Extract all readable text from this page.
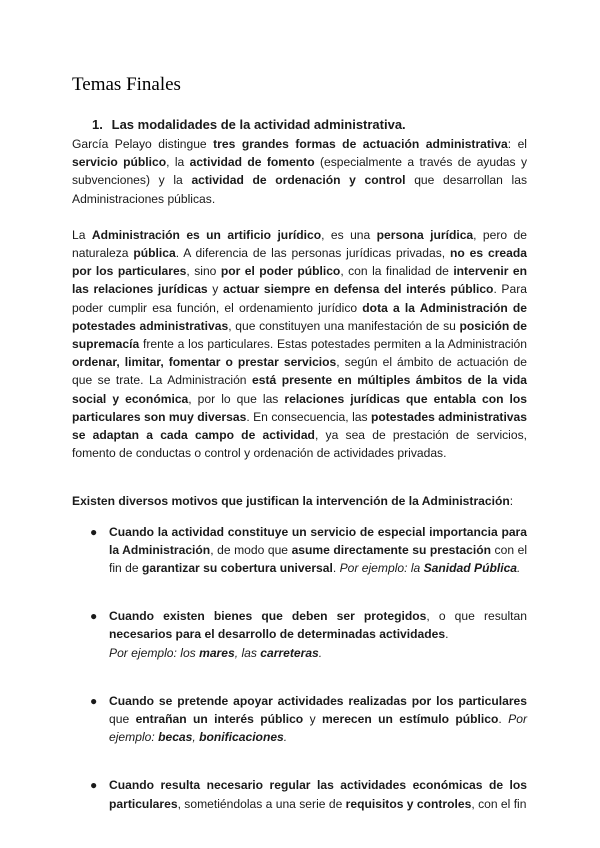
Temas Finales
1. Las modalidades de la actividad administrativa.

García Pelayo distingue tres grandes formas de actuación administrativa: el servicio público, la actividad de fomento (especialmente a través de ayudas y subvenciones) y la actividad de ordenación y control que desarrollan las Administraciones públicas.

La Administración es un artificio jurídico, es una persona jurídica, pero de naturaleza pública. A diferencia de las personas jurídicas privadas, no es creada por los particulares, sino por el poder público, con la finalidad de intervenir en las relaciones jurídicas y actuar siempre en defensa del interés público. Para poder cumplir esa función, el ordenamiento jurídico dota a la Administración de potestades administrativas, que constituyen una manifestación de su posición de supremacía frente a los particulares. Estas potestades permiten a la Administración ordenar, limitar, fomentar o prestar servicios, según el ámbito de actuación de que se trate. La Administración está presente en múltiples ámbitos de la vida social y económica, por lo que las relaciones jurídicas que entabla con los particulares son muy diversas. En consecuencia, las potestades administrativas se adaptan a cada campo de actividad, ya sea de prestación de servicios, fomento de conductas o control y ordenación de actividades privadas.

Existen diversos motivos que justifican la intervención de la Administración:

● Cuando la actividad constituye un servicio de especial importancia para la Administración, de modo que asume directamente su prestación con el fin de garantizar su cobertura universal. Por ejemplo: la Sanidad Pública.
● Cuando existen bienes que deben ser protegidos, o que resultan necesarios para el desarrollo de determinadas actividades.
Por ejemplo: los mares, las carreteras.
● Cuando se pretende apoyar actividades realizadas por los particulares que entrañan un interés público y merecen un estímulo público. Por ejemplo: becas, bonificaciones.
● Cuando resulta necesario regular las actividades económicas de los particulares, sometiéndolas a una serie de requisitos y controles, con el fin
